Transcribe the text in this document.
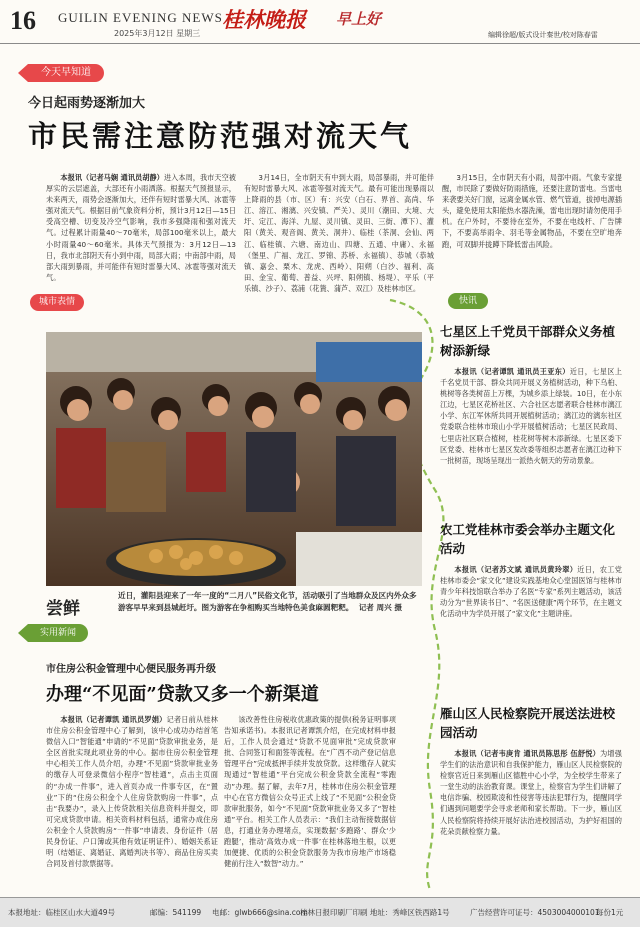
16 GUILIN EVENING NEWS
2025年3月12日 星期三
桂林晚报 早上好
编辑徐超/版式设计秦世/校对陈春雷
今天早知道
今日起雨势逐渐加大
市民需注意防范强对流天气
本报讯（记者马娴 通讯员胡静）进入本周，我市天空被厚实的云层遮盖，大部还有小雨洒落。根据天气预报显示，未来两天，雨势会逐渐加大，还伴有短时雷暴大风、冰雹等强对流天气。根据目前气象资料分析，预计3月12日—15日受高空槽、切变及冷空气影响，我市多强降雨和强对流天气。过程累计雨量40～70毫米，局部100毫米以上，最大小时雨量40～60毫米。具体天气预报为：3月12日—13日，我市北部阴天有小到中雨，局部大雨；中南部中雨，局部大雨到暴雨，并可能伴有短时雷暴大风、冰雹等强对流天气。
3月14日，全市阴天有中到大雨，局部暴雨，并可能伴有短时雷暴大风、冰雹等强对流天气。最有可能出现暴雨以上降雨的县（市、区）有：兴安（白石、界首、高尚、华江、溶江、湘漓、兴安镇、严关）、灵川（潮田、大境、大圩、定江、海洋、九屋、灵川镇、灵田、三街、潭下）、灌阳（黄关、观音阁、黄关、洞井）、临桂（茶洞、会仙、两江、临桂镇、六塘、南边山、四塘、五通、中庸）、永福（堡里、广福、龙江、罗锦、苏桥、永福镇）、恭城（恭城镇、嘉会、栗木、龙虎、西岭）、阳朔（白沙、福利、高田、金宝、葡萄、普益、兴坪、阳朔镇、杨堤）、平乐（平乐镇、沙子）、荔浦（花篢、蒲芦、双江）及桂林市区。
3月15日，全市阴天有小雨，局部中雨。气象专家提醒，市民除了要做好防雨措施，还要注意防雷电。当雷电来袭要关好门窗，远离金属水管、燃气管道，拔掉电源插头，避免使用太阳能热水器洗澡，雷电出现时请勿使用手机。在户外时，不要待在室外，不要在电线杆、广告牌下，不要高举雨伞、羽毛等金属物品，不要在空旷地奔跑，可双脚并拢蹲下降低雷击风险。
城市表情
尝鲜
近日，灌阳县迎来了一年一度的“二月八”民俗文化节，活动吸引了当地群众及区内外众多游客早早来到县城赶圩。图为游客在争相购买当地特色美食麻圆粑粑。 记者 周兴 摄
实用新闻
市住房公积金管理中心便民服务再升级
办理“不见面”贷款又多一个新渠道
本报讯（记者谭凯 通讯员罗娟）记者日前从桂林市住房公积金管理中心了解到，该中心成功办结首笔微信入口“智能通”申请的“不见面”贷款审批业务，是全区首批实现此项业务的中心。据市住房公积金管理中心相关工作人员介绍，办理“不见面”贷款审批业务的缴存人可登录微信小程序“智桂通”，点击主页面的“办成一件事”，进入首页办成一件事专区，在“置业”下的“住房公积金个人住房贷款购房一件事”，点击“我要办”，录入上传贷款相关信息资料并提交，即可完成贷款申请。相关资料材料包括，通常办成住房公积金个人贷款购房“一件事”申请表、身份证件（居民身份证、户口簿或其他有效证明证件）、婚姻关系证明（结婚证、离婚证、离婚判决书等）、商品住房买卖合同及首付款票据等。
该改善性住房税收优惠政策的提供(税务证明事项告知承诺书)。本报讯记者谭凯介绍，在完成材料申报后，工作人员会通过“贷款不见面审批”完成贷款审批、合同签订和面签等流程。在“广西不动产登记信息管理平台”完成抵押手续并发放贷款。这样缴存人就实现通过“智桂通”平台完成公积金贷款全流程“零跑动”办理。据了解，去年7月，桂林市住房公积金管理中心在官方微信公众号正式上线了“不见面”公积金贷款审批服务，如今“不见面”贷款审批业务又多了“智桂通”平台。相关工作人员表示：“我们主动衔接数据信息，打通业务办理堵点，实现数据‘多跑路’、群众‘少跑腿’，推动‘高效办成一件事’在桂林落地生根，以更加便捷、优质的公积金贷款服务为我市房地产市场稳健前行注入“数智”动力。”
快讯
七星区上千党员干部群众义务植树添新绿
本报讯（记者谭凯 通讯员王亚东）近日，七星区上千名党员干部、群众共同开展义务植树活动，种下乌桕、桃树等各类树苗上万棵，为城乡添上绿装。10日，在小东江边，七星区花桥社区、六合社区志愿者联合桂林市漓江小学、东江军休所共同开展植树活动；漓江边的漓东社区党委联合桂林市琅山小学开展植树活动；七星区民政局、七里店社区联合植树，桂花树等树木添新绿。七星区委下区党委、桂林市七星区发改委等组织志愿者在漓江边种下一批树苗，现场呈现出一派热火朝天的劳动景象。
农工党桂林市委会举办主题文化活动
本报讯（记者苏文斌 通讯员黄玲翠）近日，农工党桂林市委会“家文化”建设实践基地众心堂国医馆与桂林市青少年科技馆联合举办了名医“专家”系列主题活动，该活动分为“世界读书日”、“名医送健康”两个环节，在主题文化活动中为学员开展了“家文化”主题讲座。
雁山区人民检察院开展送法进校园活动
本报讯（记者韦庚肯 通讯员陈思彤 伍舒悦）为增强学生们的法治意识和自我保护能力，雁山区人民检察院的检察官近日来到雁山区德胜中心小学，为全校学生带来了一堂生动的法治教育课。课堂上，检察官为学生们讲解了电信诈骗、校园欺凌和性侵害等违法犯罪行为，提醒同学们遇到问题要学会寻求老师和家长帮助。下一步，雁山区人民检察院将持续开展好法治进校园活动，为护好祖国的花朵贡献检察力量。
本报地址：临桂区山水大道49号	邮编：541199 电邮：glwb666@sina.com
桂林日报印刷厂印刷 地址：秀峰区铁西路1号	广告经营许可证号：4503004000101
每份1元
